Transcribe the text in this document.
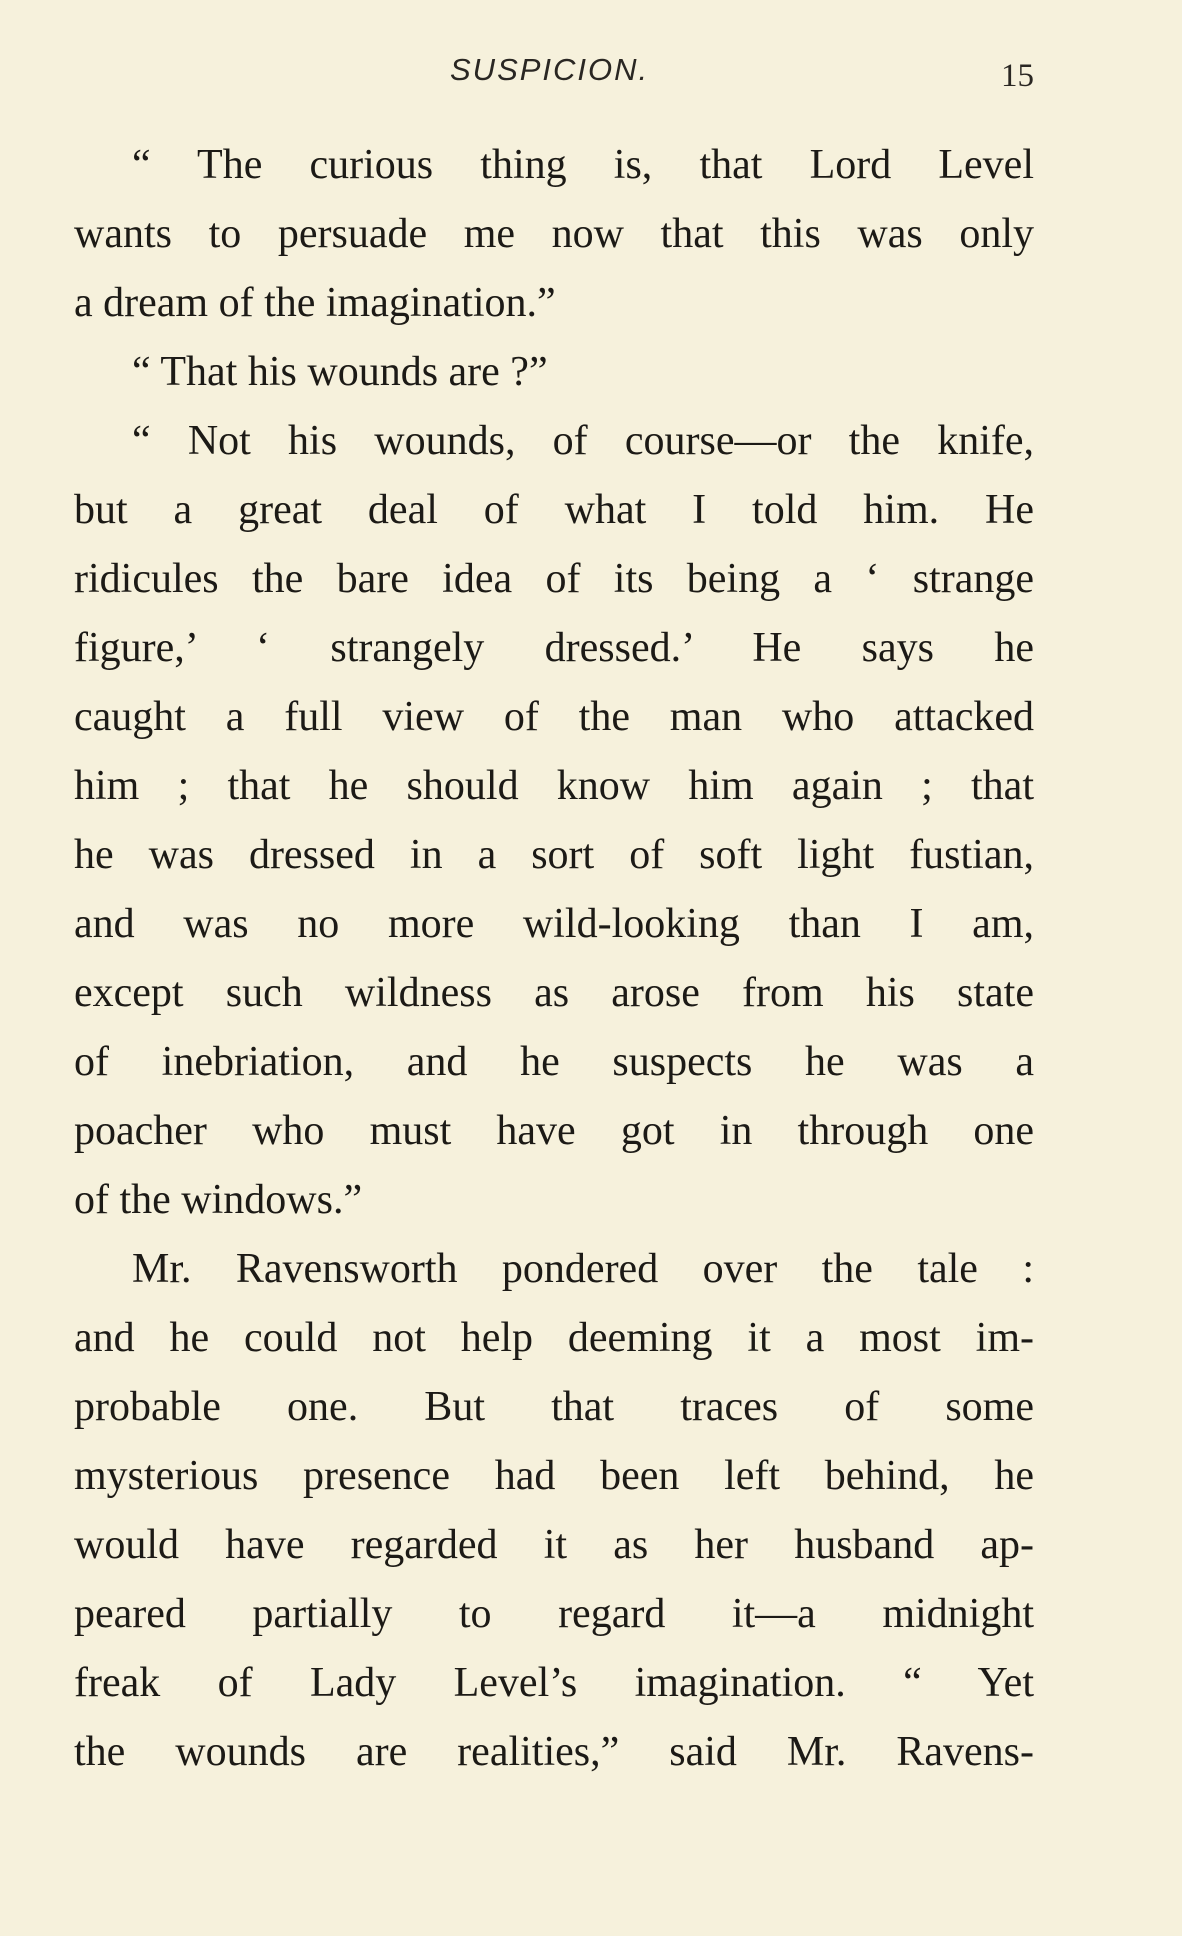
SUSPICION.	15
“ The curious thing is, that Lord Level
wants to persuade me now that this was only
a dream of the imagination.”
“ That his wounds are ?”
“ Not his wounds, of course—or the knife,
but a great deal of what I told him. He
ridicules the bare idea of its being a ‘ strange
figure,’ ‘ strangely dressed.’ He says he
caught a full view of the man who attacked
him ; that he should know him again ; that
he was dressed in a sort of soft light fustian,
and was no more wild-looking than I am,
except such wildness as arose from his state
of inebriation, and he suspects he was a
poacher who must have got in through one
of the windows.”
Mr. Ravensworth pondered over the tale :
and he could not help deeming it a most im-
probable one. But that traces of some
mysterious presence had been left behind, he
would have regarded it as her husband ap-
peared partially to regard it—a midnight
freak of Lady Level’s imagination. “ Yet
the wounds are realities,” said Mr. Ravens-
